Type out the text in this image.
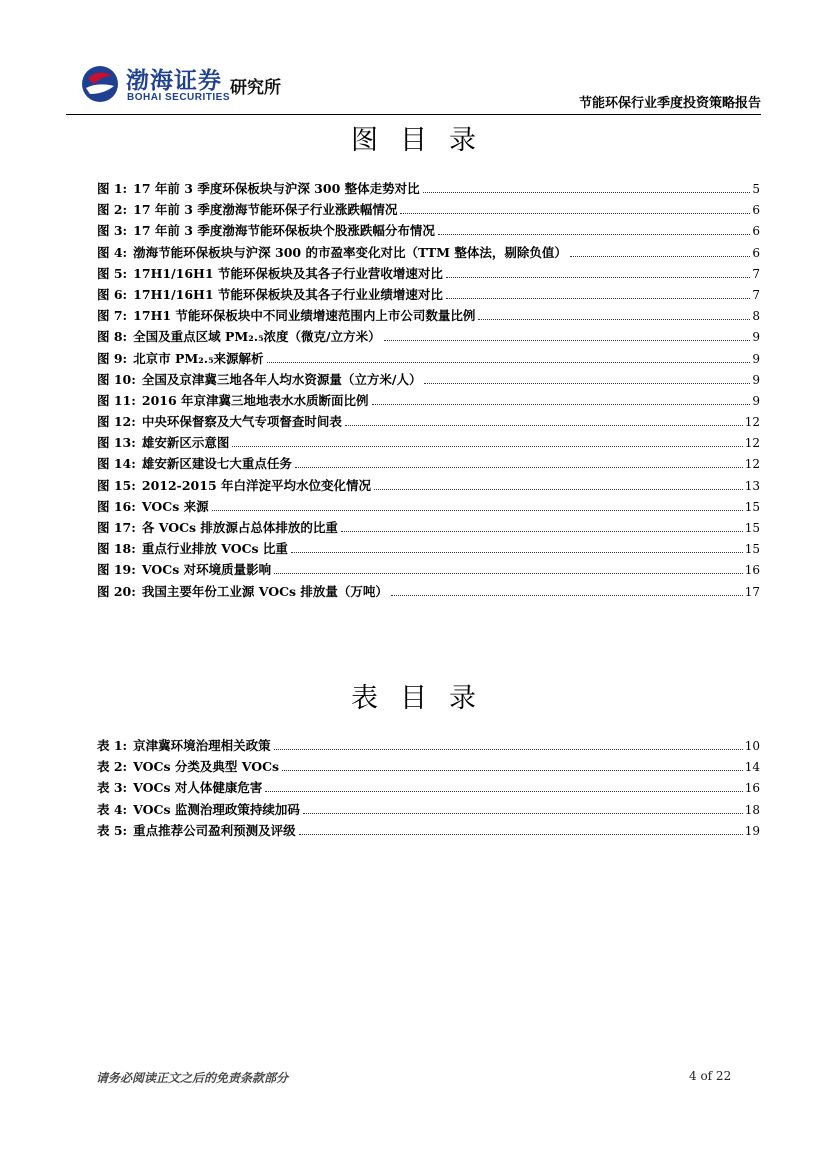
渤海证券
BOHAI SECURITIES 研究所
节能环保行业季度投资策略报告
图目录
图 1: 17 年前 3 季度环保板块与沪深 300 整体走势对比	5
图 2: 17 年前 3 季度渤海节能环保子行业涨跌幅情况	6
图 3: 17 年前 3 季度渤海节能环保板块个股涨跌幅分布情况	6
图 4: 渤海节能环保板块与沪深 300 的市盈率变化对比（TTM 整体法，剔除负值）	6
图 5: 17H1/16H1 节能环保板块及其各子行业营收增速对比	7
图 6: 17H1/16H1 节能环保板块及其各子行业业绩增速对比	7
图 7: 17H1 节能环保板块中不同业绩增速范围内上市公司数量比例	8
图 8: 全国及重点区域 PM₂.₅浓度（微克/立方米）	9
图 9: 北京市 PM₂.₅来源解析	9
图 10: 全国及京津冀三地各年人均水资源量（立方米/人）	9
图 11: 2016 年京津冀三地地表水水质断面比例	9
图 12: 中央环保督察及大气专项督查时间表	12
图 13: 雄安新区示意图	12
图 14: 雄安新区建设七大重点任务	12
图 15: 2012-2015 年白洋淀平均水位变化情况	13
图 16: VOCs 来源	15
图 17: 各 VOCs 排放源占总体排放的比重	15
图 18: 重点行业排放 VOCs 比重	15
图 19: VOCs 对环境质量影响	16
图 20: 我国主要年份工业源 VOCs 排放量（万吨）	17
表目录
表 1: 京津冀环境治理相关政策	10
表 2: VOCs 分类及典型 VOCs	14
表 3: VOCs 对人体健康危害	16
表 4: VOCs 监测治理政策持续加码	18
表 5: 重点推荐公司盈利预测及评级	19
请务必阅读正文之后的免责条款部分	4 of 22
